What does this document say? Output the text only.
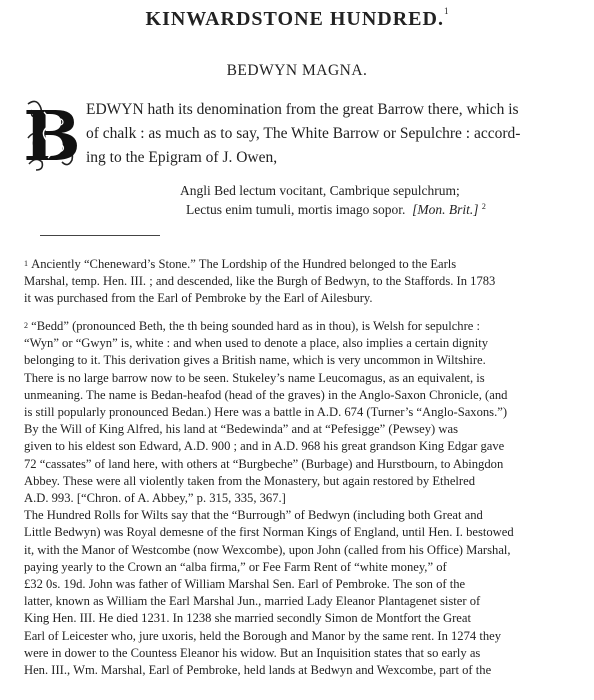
KINWARDSTONE HUNDRED.$^1$
BEDWYN MAGNA.
B EDWYN hath its denomination from the great Barrow there, which is
of chalk : as much as to say, The White Barrow or Sepulchre : accord-
ing to the Epigram of J. Owen,
Angli Bed lectum vocitant, Cambrique sepulchrum;
Lectus enim tumuli, mortis imago sopor. [Mon. Brit.] $^2$
$^1$ Anciently “Cheneward’s Stone.” The Lordship of the Hundred belonged to the Earls
Marshal, temp. Hen. III. ; and descended, like the Burgh of Bedwyn, to the Staffords. In 1783
it was purchased from the Earl of Pembroke by the Earl of Ailesbury.
$^2$ “Bedd” (pronounced Beth, the th being sounded hard as in thou), is Welsh for sepulchre :
“Wyn” or “Gwyn” is, white : and when used to denote a place, also implies a certain dignity
belonging to it. This derivation gives a British name, which is very uncommon in Wiltshire.
There is no large barrow now to be seen. Stukeley’s name Leucomagus, as an equivalent, is
unmeaning. The name is Bedan-heafod (head of the graves) in the Anglo-Saxon Chronicle, (and
is still popularly pronounced Bedan.) Here was a battle in A.D. 674 (Turner’s “Anglo-Saxons.”)
By the Will of King Alfred, his land at “Bedewinda” and at “Pefesigge” (Pewsey) was
given to his eldest son Edward, A.D. 900 ; and in A.D. 968 his great grandson King Edgar gave
72 “cassates” of land here, with others at “Burgbeche” (Burbage) and Hurstbourn, to Abingdon
Abbey. These were all violently taken from the Monastery, but again restored by Ethelred
A.D. 993. [“Chron. of A. Abbey,” p. 315, 335, 367.]
The Hundred Rolls for Wilts say that the “Burrough” of Bedwyn (including both Great and
Little Bedwyn) was Royal demesne of the first Norman Kings of England, until Hen. I. bestowed
it, with the Manor of Westcombe (now Wexcombe), upon John (called from his Office) Marshal,
paying yearly to the Crown an “alba firma,” or Fee Farm Rent of “white money,” of
£32 0s. 19d. John was father of William Marshal Sen. Earl of Pembroke. The son of the
latter, known as William the Earl Marshal Jun., married Lady Eleanor Plantagenet sister of
King Hen. III. He died 1231. In 1238 she married secondly Simon de Montfort the Great
Earl of Leicester who, jure uxoris, held the Borough and Manor by the same rent. In 1274 they
were in dower to the Countess Eleanor his widow. But an Inquisition states that so early as
Hen. III., Wm. Marshal, Earl of Pembroke, held lands at Bedwyn and Wexcombe, part of the
